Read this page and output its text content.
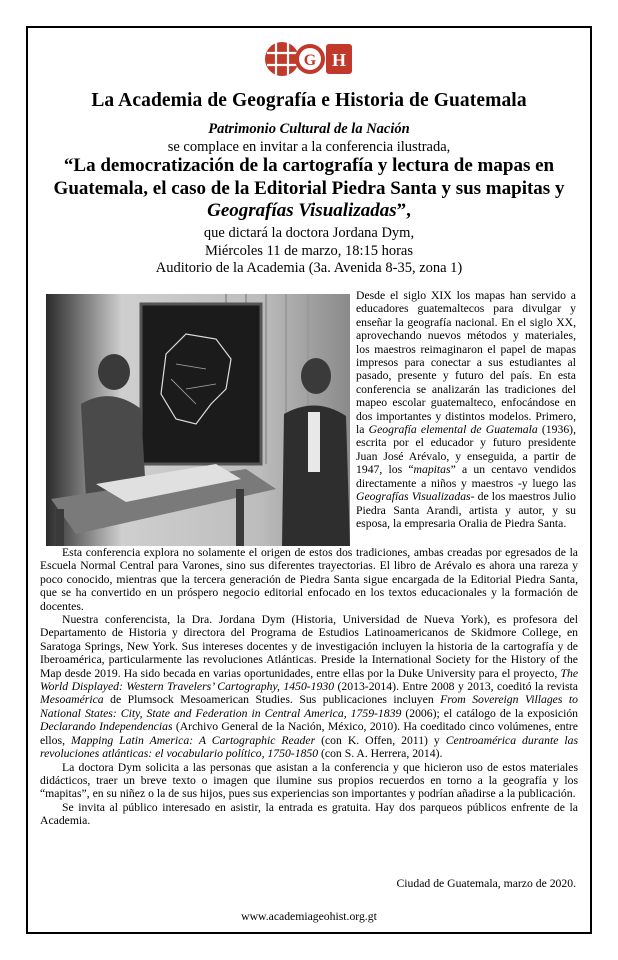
G H
La Academia de Geografía e Historia de Guatemala
Patrimonio Cultural de la Nación
se complace en invitar a la conferencia ilustrada,
“La democratización de la cartografía y lectura de mapas en Guatemala, el caso de la Editorial Piedra Santa y sus mapitas y Geografías Visualizadas”,
que dictará la doctora Jordana Dym,
Miércoles 11 de marzo, 18:15 horas
Auditorio de la Academia (3a. Avenida 8-35, zona 1)
Desde el siglo XIX los mapas han servido a educadores guatemaltecos para divulgar y enseñar la geografía nacional. En el siglo XX, aprovechando nuevos métodos y materiales, los maestros reimaginaron el papel de mapas impresos para conectar a sus estudiantes al pasado, presente y futuro del país. En esta conferencia se analizarán las tradiciones del mapeo escolar guatemalteco, enfocándose en dos importantes y distintos modelos. Primero, la Geografía elemental de Guatemala (1936), escrita por el educador y futuro presidente Juan José Arévalo, y enseguida, a partir de 1947, los “mapitas” a un centavo vendidos directamente a niños y maestros -y luego las Geografías Visualizadas- de los maestros Julio Piedra Santa Arandi, artista y autor, y su esposa, la empresaria Oralia de Piedra Santa.

Esta conferencia explora no solamente el origen de estos dos tradiciones, ambas creadas por egresados de la Escuela Normal Central para Varones, sino sus diferentes trayectorias. El libro de Arévalo es ahora una rareza y poco conocido, mientras que la tercera generación de Piedra Santa sigue encargada de la Editorial Piedra Santa, que se ha convertido en un próspero negocio editorial enfocado en los textos educacionales y la formación de docentes.

Nuestra conferencista, la Dra. Jordana Dym (Historia, Universidad de Nueva York), es profesora del Departamento de Historia y directora del Programa de Estudios Latinoamericanos de Skidmore College, en Saratoga Springs, New York. Sus intereses docentes y de investigación incluyen la historia de la cartografía y de Iberoamérica, particularmente las revoluciones Atlánticas. Preside la International Society for the History of the Map desde 2019. Ha sido becada en varias oportunidades, entre ellas por la Duke University para el proyecto, The World Displayed: Western Travelers’ Cartography, 1450-1930 (2013-2014). Entre 2008 y 2013, coeditó la revista Mesoamérica de Plumsock Mesoamerican Studies. Sus publicaciones incluyen From Sovereign Villages to National States: City, State and Federation in Central America, 1759-1839 (2006); el catálogo de la exposición Declarando Independencias (Archivo General de la Nación, México, 2010). Ha coeditado cinco volúmenes, entre ellos, Mapping Latin America: A Cartographic Reader (con K. Offen, 2011) y Centroamérica durante las revoluciones atlánticas: el vocabulario político, 1750-1850 (con S. A. Herrera, 2014).

La doctora Dym solicita a las personas que asistan a la conferencia y que hicieron uso de estos materiales didácticos, traer un breve texto o imagen que ilumine sus propios recuerdos en torno a la geografía y los “mapitas”, en su niñez o la de sus hijos, pues sus experiencias son importantes y podrían añadirse a la publicación.

Se invita al público interesado en asistir, la entrada es gratuita. Hay dos parqueos públicos enfrente de la Academia.

Ciudad de Guatemala, marzo de 2020.
www.academiageohist.org.gt
